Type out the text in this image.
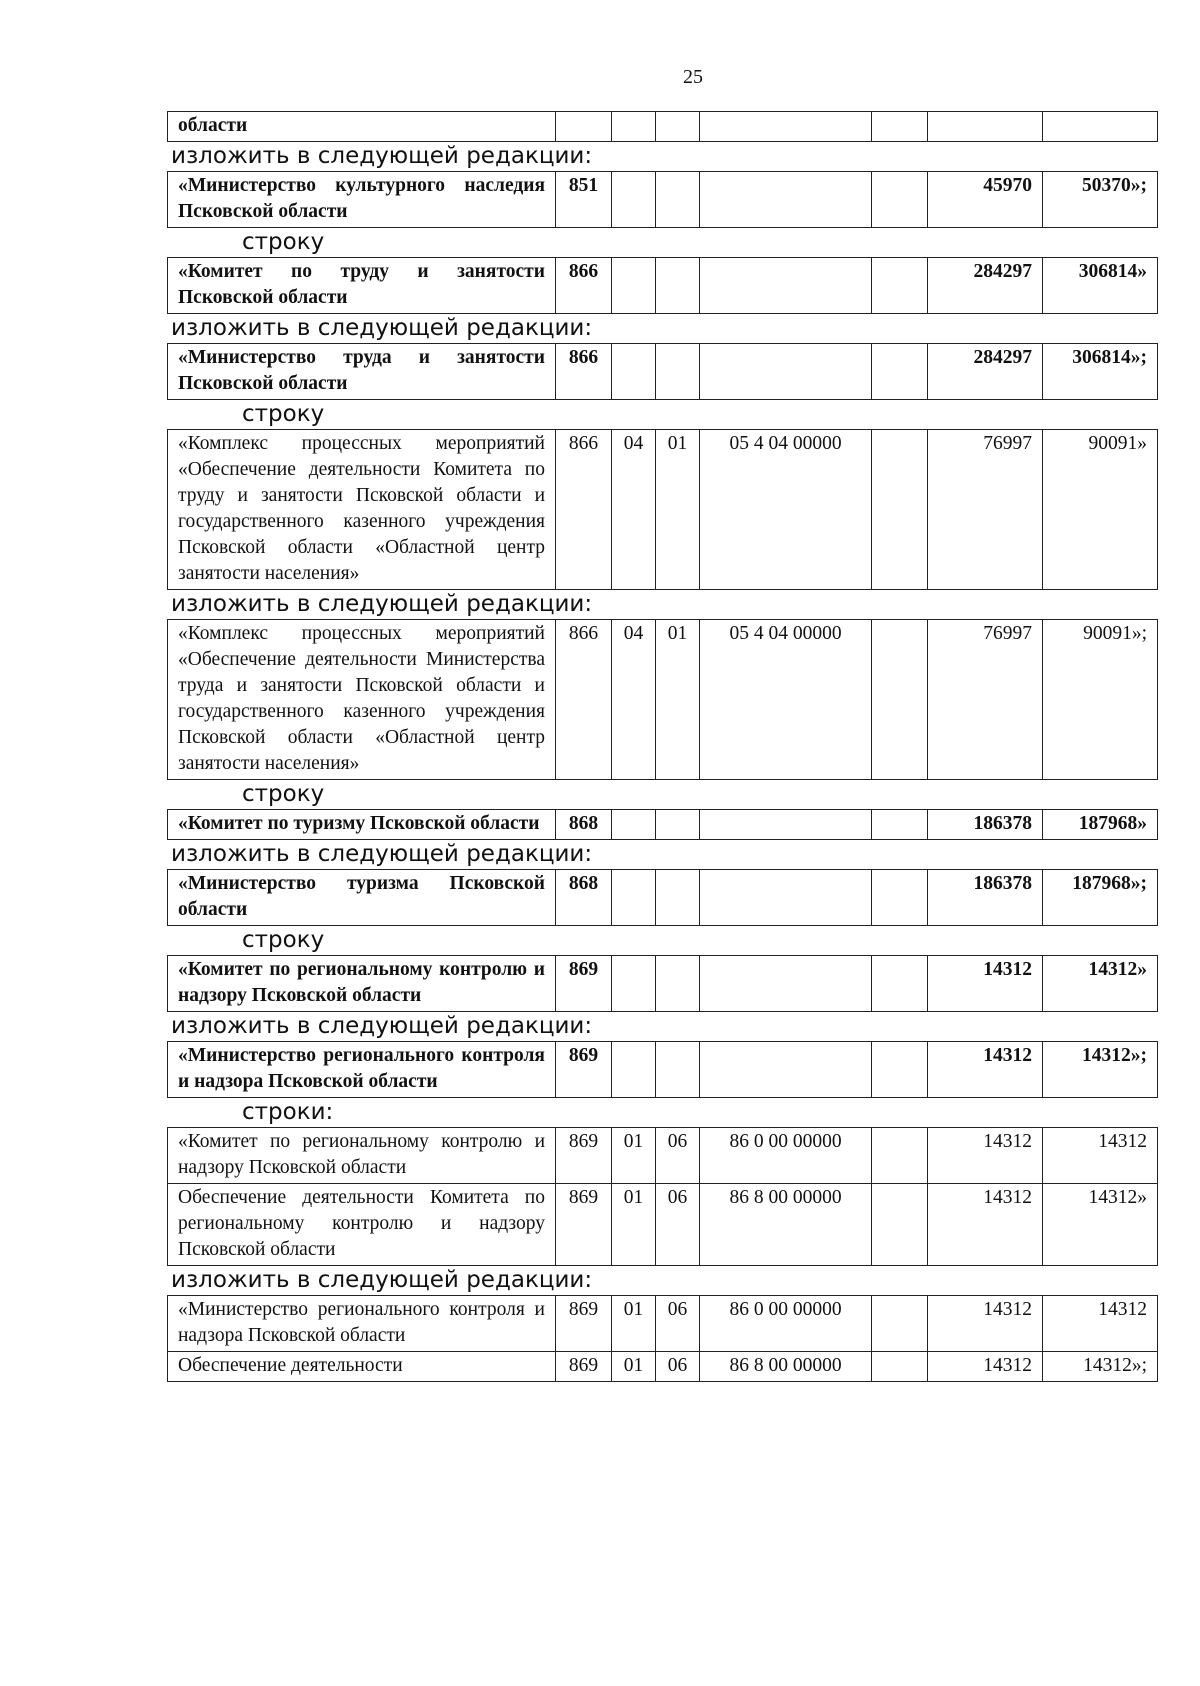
25
области							
изложить в следующей редакции:
«Министерство культурного наследия Псковской области	851					45970	50370»;
строку
«Комитет по труду и занятости Псковской области	866					284297	306814»
изложить в следующей редакции:
«Министерство труда и занятости Псковской области	866					284297	306814»;
строку
«Комплекс процессных мероприятий «Обеспечение деятельности Комитета по труду и занятости Псковской области и государственного казенного учреждения Псковской области «Областной центр занятости населения»	866	04	01	05 4 04 00000		76997	90091»
изложить в следующей редакции:
«Комплекс процессных мероприятий «Обеспечение деятельности Министерства труда и занятости Псковской области и государственного казенного учреждения Псковской области «Областной центр занятости населения»	866	04	01	05 4 04 00000		76997	90091»;
строку
«Комитет по туризму Псковской области	868					186378	187968»
изложить в следующей редакции:
«Министерство туризма Псковской области	868					186378	187968»;
строку
«Комитет по региональному контролю и надзору Псковской области	869					14312	14312»
изложить в следующей редакции:
«Министерство регионального контроля и надзора Псковской области	869					14312	14312»;
строки:
«Комитет по региональному контролю и надзору Псковской области	869	01	06	86 0 00 00000		14312	14312
Обеспечение деятельности Комитета по региональному контролю и надзору Псковской области	869	01	06	86 8 00 00000		14312	14312»
изложить в следующей редакции:
«Министерство регионального контроля и надзора Псковской области	869	01	06	86 0 00 00000		14312	14312
Обеспечение деятельности	869	01	06	86 8 00 00000		14312	14312»;
